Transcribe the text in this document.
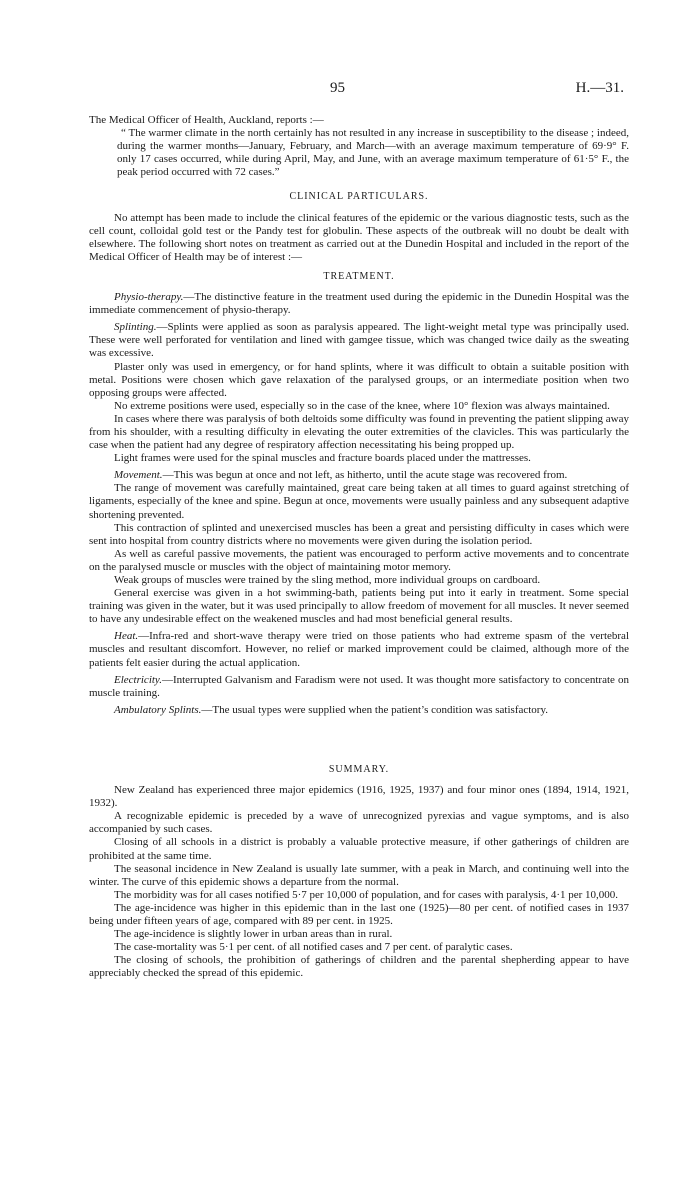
95	H.—31.

The Medical Officer of Health, Auckland, reports :—

“ The warmer climate in the north certainly has not resulted in any increase in susceptibility to the disease ; indeed, during the warmer months—January, February, and March—with an average maximum temperature of 69·9° F. only 17 cases occurred, while during April, May, and June, with an average maximum temperature of 61·5° F., the peak period occurred with 72 cases.”

CLINICAL PARTICULARS.

No attempt has been made to include the clinical features of the epidemic or the various diagnostic tests, such as the cell count, colloidal gold test or the Pandy test for globulin. These aspects of the outbreak will no doubt be dealt with elsewhere. The following short notes on treatment as carried out at the Dunedin Hospital and included in the report of the Medical Officer of Health may be of interest :—

TREATMENT.

Physio-therapy.—The distinctive feature in the treatment used during the epidemic in the Dunedin Hospital was the immediate commencement of physio-therapy.

Splinting.—Splints were applied as soon as paralysis appeared. The light-weight metal type was principally used. These were well perforated for ventilation and lined with gamgee tissue, which was changed twice daily as the sweating was excessive.

Plaster only was used in emergency, or for hand splints, where it was difficult to obtain a suitable position with metal. Positions were chosen which gave relaxation of the paralysed groups, or an intermediate position when two opposing groups were affected.

No extreme positions were used, especially so in the case of the knee, where 10° flexion was always maintained.

In cases where there was paralysis of both deltoids some difficulty was found in preventing the patient slipping away from his shoulder, with a resulting difficulty in elevating the outer extremities of the clavicles. This was particularly the case when the patient had any degree of respiratory affection necessitating his being propped up.

Light frames were used for the spinal muscles and fracture boards placed under the mattresses.

Movement.—This was begun at once and not left, as hitherto, until the acute stage was recovered from.

The range of movement was carefully maintained, great care being taken at all times to guard against stretching of ligaments, especially of the knee and spine. Begun at once, movements were usually painless and any subsequent adaptive shortening prevented.

This contraction of splinted and unexercised muscles has been a great and persisting difficulty in cases which were sent into hospital from country districts where no movements were given during the isolation period.

As well as careful passive movements, the patient was encouraged to perform active movements and to concentrate on the paralysed muscle or muscles with the object of maintaining motor memory.

Weak groups of muscles were trained by the sling method, more individual groups on cardboard.

General exercise was given in a hot swimming-bath, patients being put into it early in treatment. Some special training was given in the water, but it was used principally to allow freedom of movement for all muscles. It never seemed to have any undesirable effect on the weakened muscles and had most beneficial general results.

Heat.—Infra-red and short-wave therapy were tried on those patients who had extreme spasm of the vertebral muscles and resultant discomfort. However, no relief or marked improvement could be claimed, although more of the patients felt easier during the actual application.

Electricity.—Interrupted Galvanism and Faradism were not used. It was thought more satisfactory to concentrate on muscle training.

Ambulatory Splints.—The usual types were supplied when the patient’s condition was satisfactory.

SUMMARY.

New Zealand has experienced three major epidemics (1916, 1925, 1937) and four minor ones (1894, 1914, 1921, 1932).

A recognizable epidemic is preceded by a wave of unrecognized pyrexias and vague symptoms, and is also accompanied by such cases.

Closing of all schools in a district is probably a valuable protective measure, if other gatherings of children are prohibited at the same time.

The seasonal incidence in New Zealand is usually late summer, with a peak in March, and continuing well into the winter. The curve of this epidemic shows a departure from the normal.

The morbidity was for all cases notified 5·7 per 10,000 of population, and for cases with paralysis, 4·1 per 10,000.

The age-incidence was higher in this epidemic than in the last one (1925)—80 per cent. of notified cases in 1937 being under fifteen years of age, compared with 89 per cent. in 1925.

The age-incidence is slightly lower in urban areas than in rural.

The case-mortality was 5·1 per cent. of all notified cases and 7 per cent. of paralytic cases.

The closing of schools, the prohibition of gatherings of children and the parental shepherding appear to have appreciably checked the spread of this epidemic.
